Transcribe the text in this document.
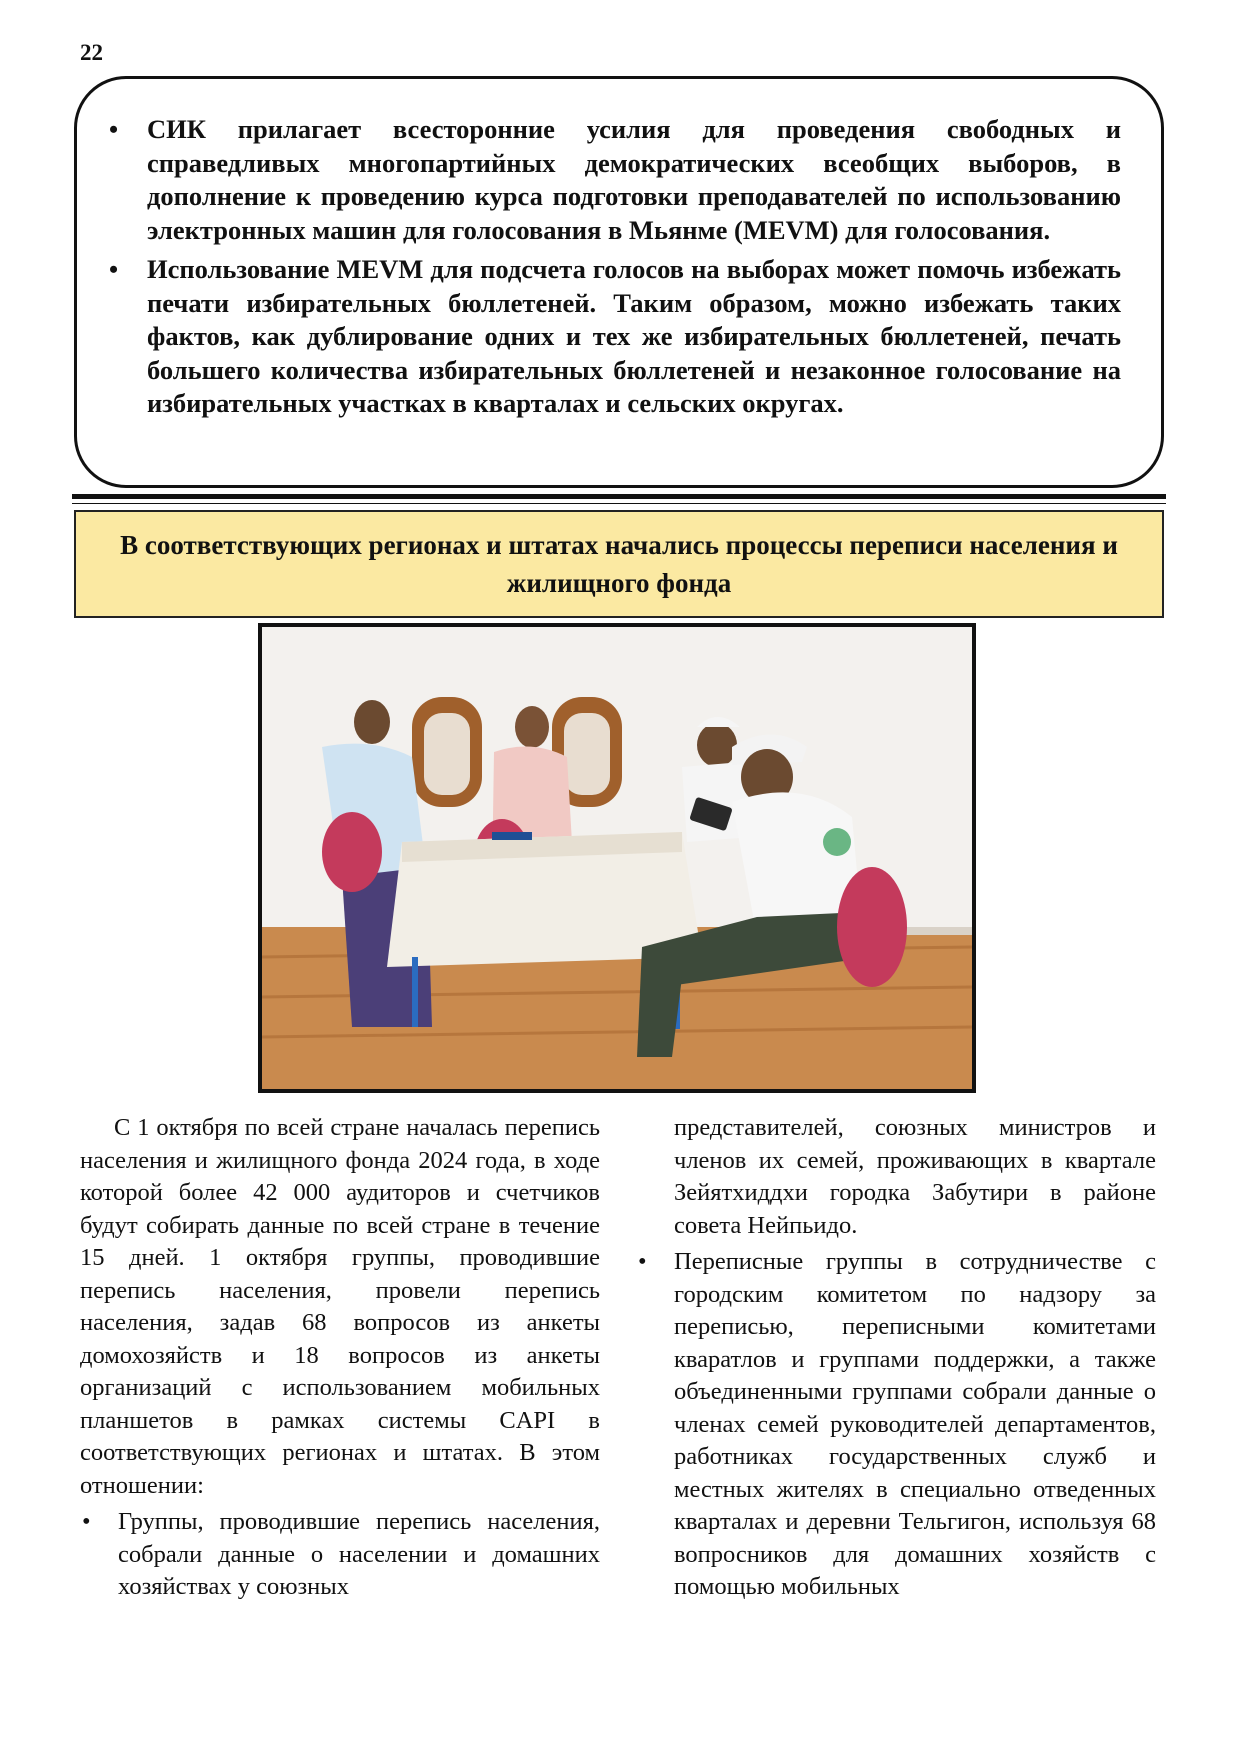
22
• СИК прилагает всесторонние усилия для проведения свободных и справедливых многопартийных демократических всеобщих выборов, в дополнение к проведению курса подготовки преподавателей по использованию электронных машин для голосования в Мьянме (MEVM) для голосования.
• Использование MEVM для подсчета голосов на выборах может помочь избежать печати избирательных бюллетеней. Таким образом, можно избежать таких фактов, как дублирование одних и тех же избирательных бюллетеней, печать большего количества избирательных бюллетеней и незаконное голосование на избирательных участках в кварталах и сельских округах.
В соответствующих регионах и штатах начались процессы переписи населения и жилищного фонда

С 1 октября по всей стране началась перепись населения и жилищного фонда 2024 года, в ходе которой более 42 000 аудиторов и счетчиков будут собирать данные по всей стране в течение 15 дней. 1 октября группы, проводившие перепись населения, провели перепись населения, задав 68 вопросов из анкеты домохозяйств и 18 вопросов из анкеты организаций с использованием мобильных планшетов в рамках системы CAPI в соответствующих регионах и штатах. В этом отношении:

• Группы, проводившие перепись населения, собрали данные о населении и домашних хозяйствах у союзных

представителей, союзных министров и членов их семей, проживающих в квартале Зейятхиддхи городка Забутири в районе совета Нейпьидо.

• Переписные группы в сотрудничестве с городским комитетом по надзору за переписью, переписными комитетами кваратлов и группами поддержки, а также объединенными группами собрали данные о членах семей руководителей департаментов, работниках государственных служб и местных жителях в специально отведенных кварталах и деревни Тельгигон, используя 68 вопросников для домашних хозяйств с помощью мобильных
